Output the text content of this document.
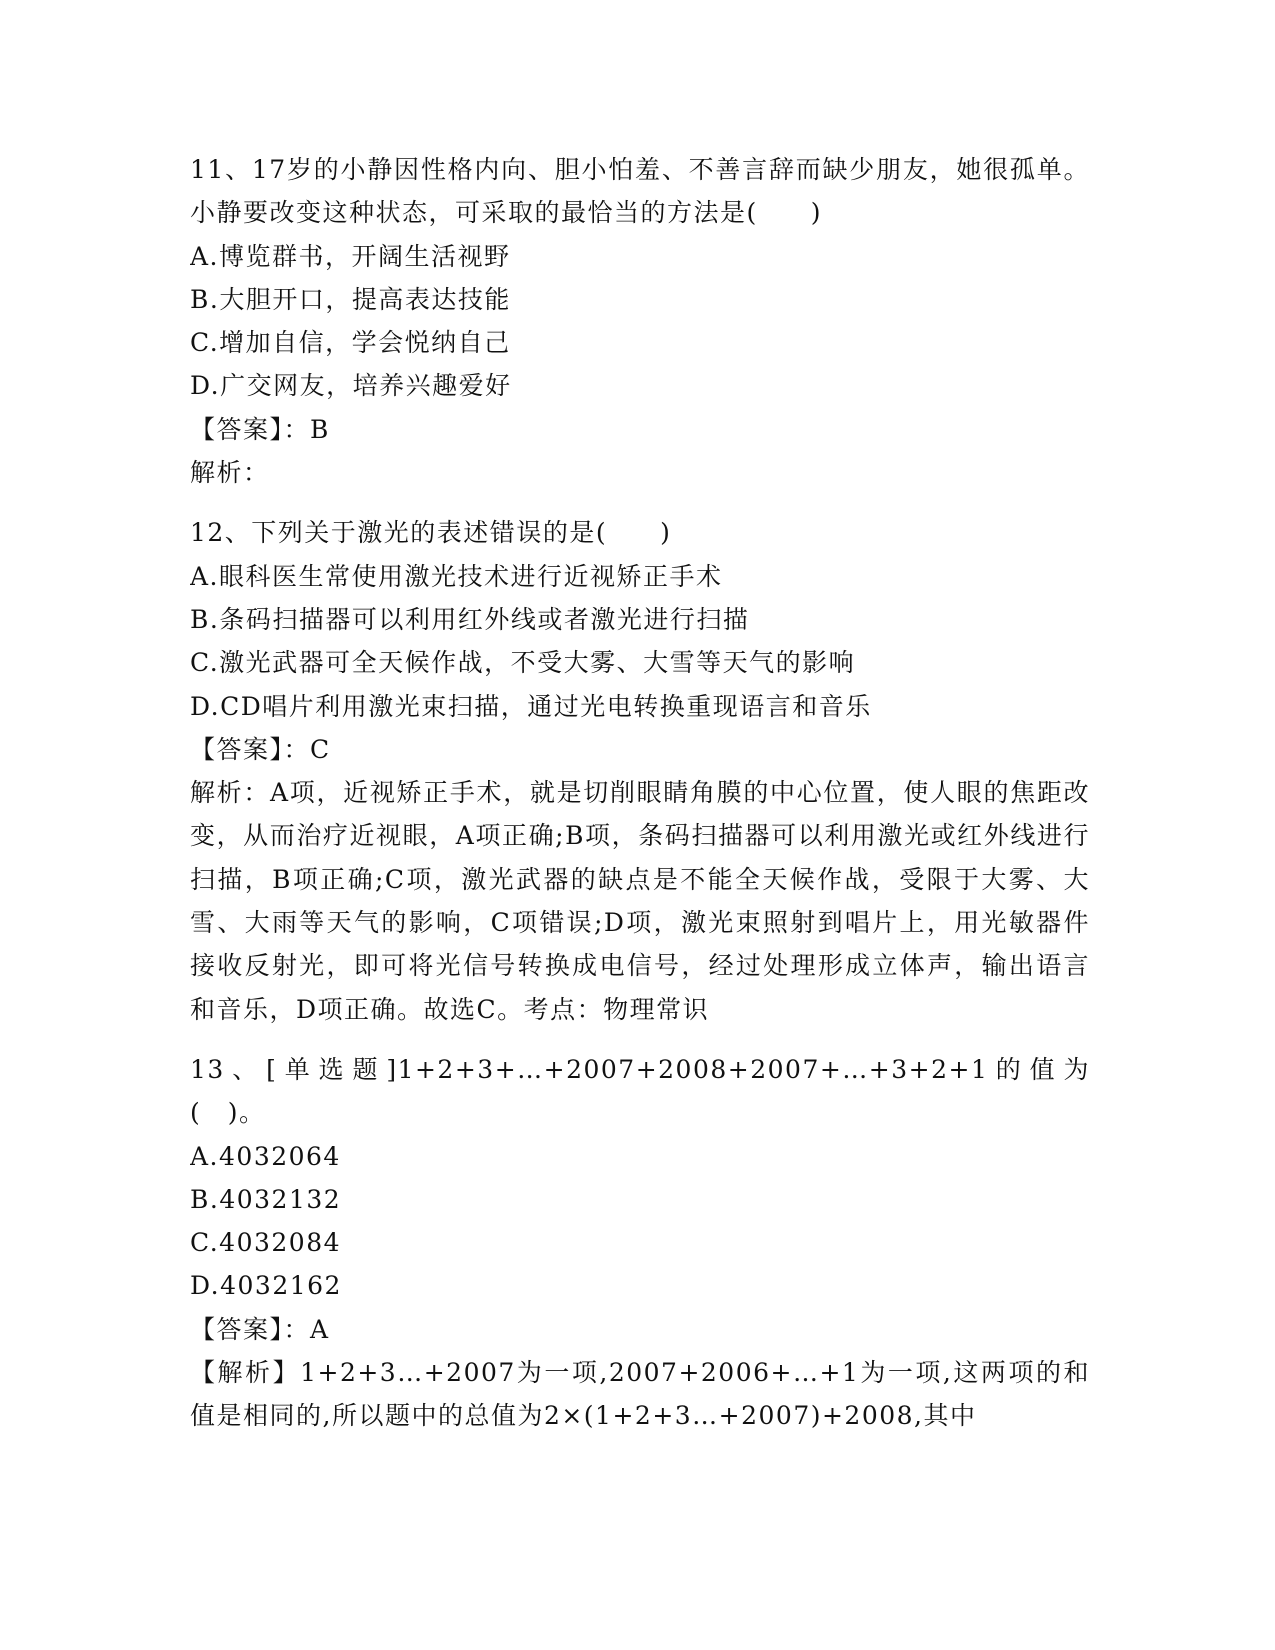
11、17岁的小静因性格内向、胆小怕羞、不善言辞而缺少朋友，她很孤单。小静要改变这种状态，可采取的最恰当的方法是(　　)
A.博览群书，开阔生活视野
B.大胆开口，提高表达技能
C.增加自信，学会悦纳自己
D.广交网友，培养兴趣爱好
【答案】：B
解析：
12、下列关于激光的表述错误的是(　　)
A.眼科医生常使用激光技术进行近视矫正手术
B.条码扫描器可以利用红外线或者激光进行扫描
C.激光武器可全天候作战，不受大雾、大雪等天气的影响
D.CD唱片利用激光束扫描，通过光电转换重现语言和音乐
【答案】：C
解析：A项，近视矫正手术，就是切削眼睛角膜的中心位置，使人眼的焦距改变，从而治疗近视眼，A项正确;B项，条码扫描器可以利用激光或红外线进行扫描，B项正确;C项，激光武器的缺点是不能全天候作战，受限于大雾、大雪、大雨等天气的影响，C项错误;D项，激光束照射到唱片上，用光敏器件接收反射光，即可将光信号转换成电信号，经过处理形成立体声，输出语言和音乐，D项正确。故选C。考点：物理常识
13、[单选题]1+2+3+…+2007+2008+2007+…+3+2+1的值为(　)。
A.4032064
B.4032132
C.4032084
D.4032162
【答案】：A
【解析】1+2+3…+2007为一项,2007+2006+…+1为一项,这两项的和值是相同的,所以题中的总值为2×(1+2+3…+2007)+2008,其中
